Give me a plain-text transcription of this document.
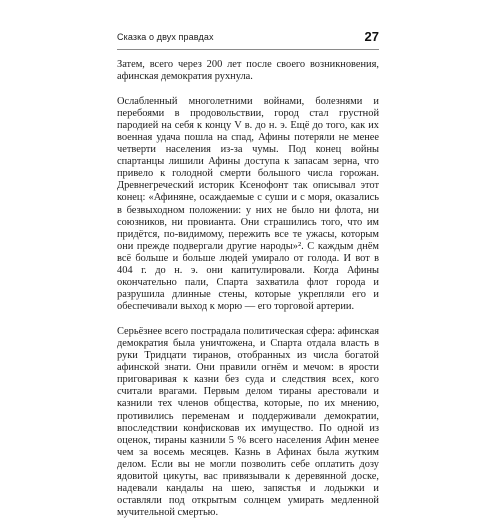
Сказка о двух правдах	27

Затем, всего через 200 лет после своего возникновения, афинская демократия рухнула.

Ослабленный многолетними войнами, болезнями и перебоями в продовольствии, город стал грустной пародией на себя к концу V в. до н. э. Ещё до того, как их военная удача пошла на спад, Афины потеряли не менее четверти населения из-за чумы. Под конец войны спартанцы лишили Афины доступа к запасам зерна, что привело к голодной смерти большого числа горожан. Древнегреческий историк Ксенофонт так описывал этот конец: «Афиняне, осаждаемые с суши и с моря, оказались в безвыходном положении: у них не было ни флота, ни союзников, ни провианта. Они страшились того, что им придётся, по-видимому, пережить все те ужасы, которым они прежде подвергали другие народы»². С каждым днём всё больше и больше людей умирало от голода. И вот в 404 г. до н. э. они капитулировали. Когда Афины окончательно пали, Спарта захватила флот города и разрушила длинные стены, которые укрепляли его и обеспечивали выход к морю — его торговой артерии.

Серьёзнее всего пострадала политическая сфера: афинская демократия была уничтожена, и Спарта отдала власть в руки Тридцати тиранов, отобранных из числа богатой афинской знати. Они правили огнём и мечом: в ярости приговаривая к казни без суда и следствия всех, кого считали врагами. Первым делом тираны арестовали и казнили тех членов общества, которые, по их мнению, противились переменам и поддерживали демократии, впоследствии конфисковав их имущество. По одной из оценок, тираны казнили 5 % всего населения Афин менее чем за восемь месяцев. Казнь в Афинах была жутким делом. Если вы не могли позволить себе оплатить дозу ядовитой цикуты, вас привязывали к деревянной доске, надевали кандалы на шею, запястья и лодыжки и оставляли под открытым солнцем умирать медленной мучительной смертью.
